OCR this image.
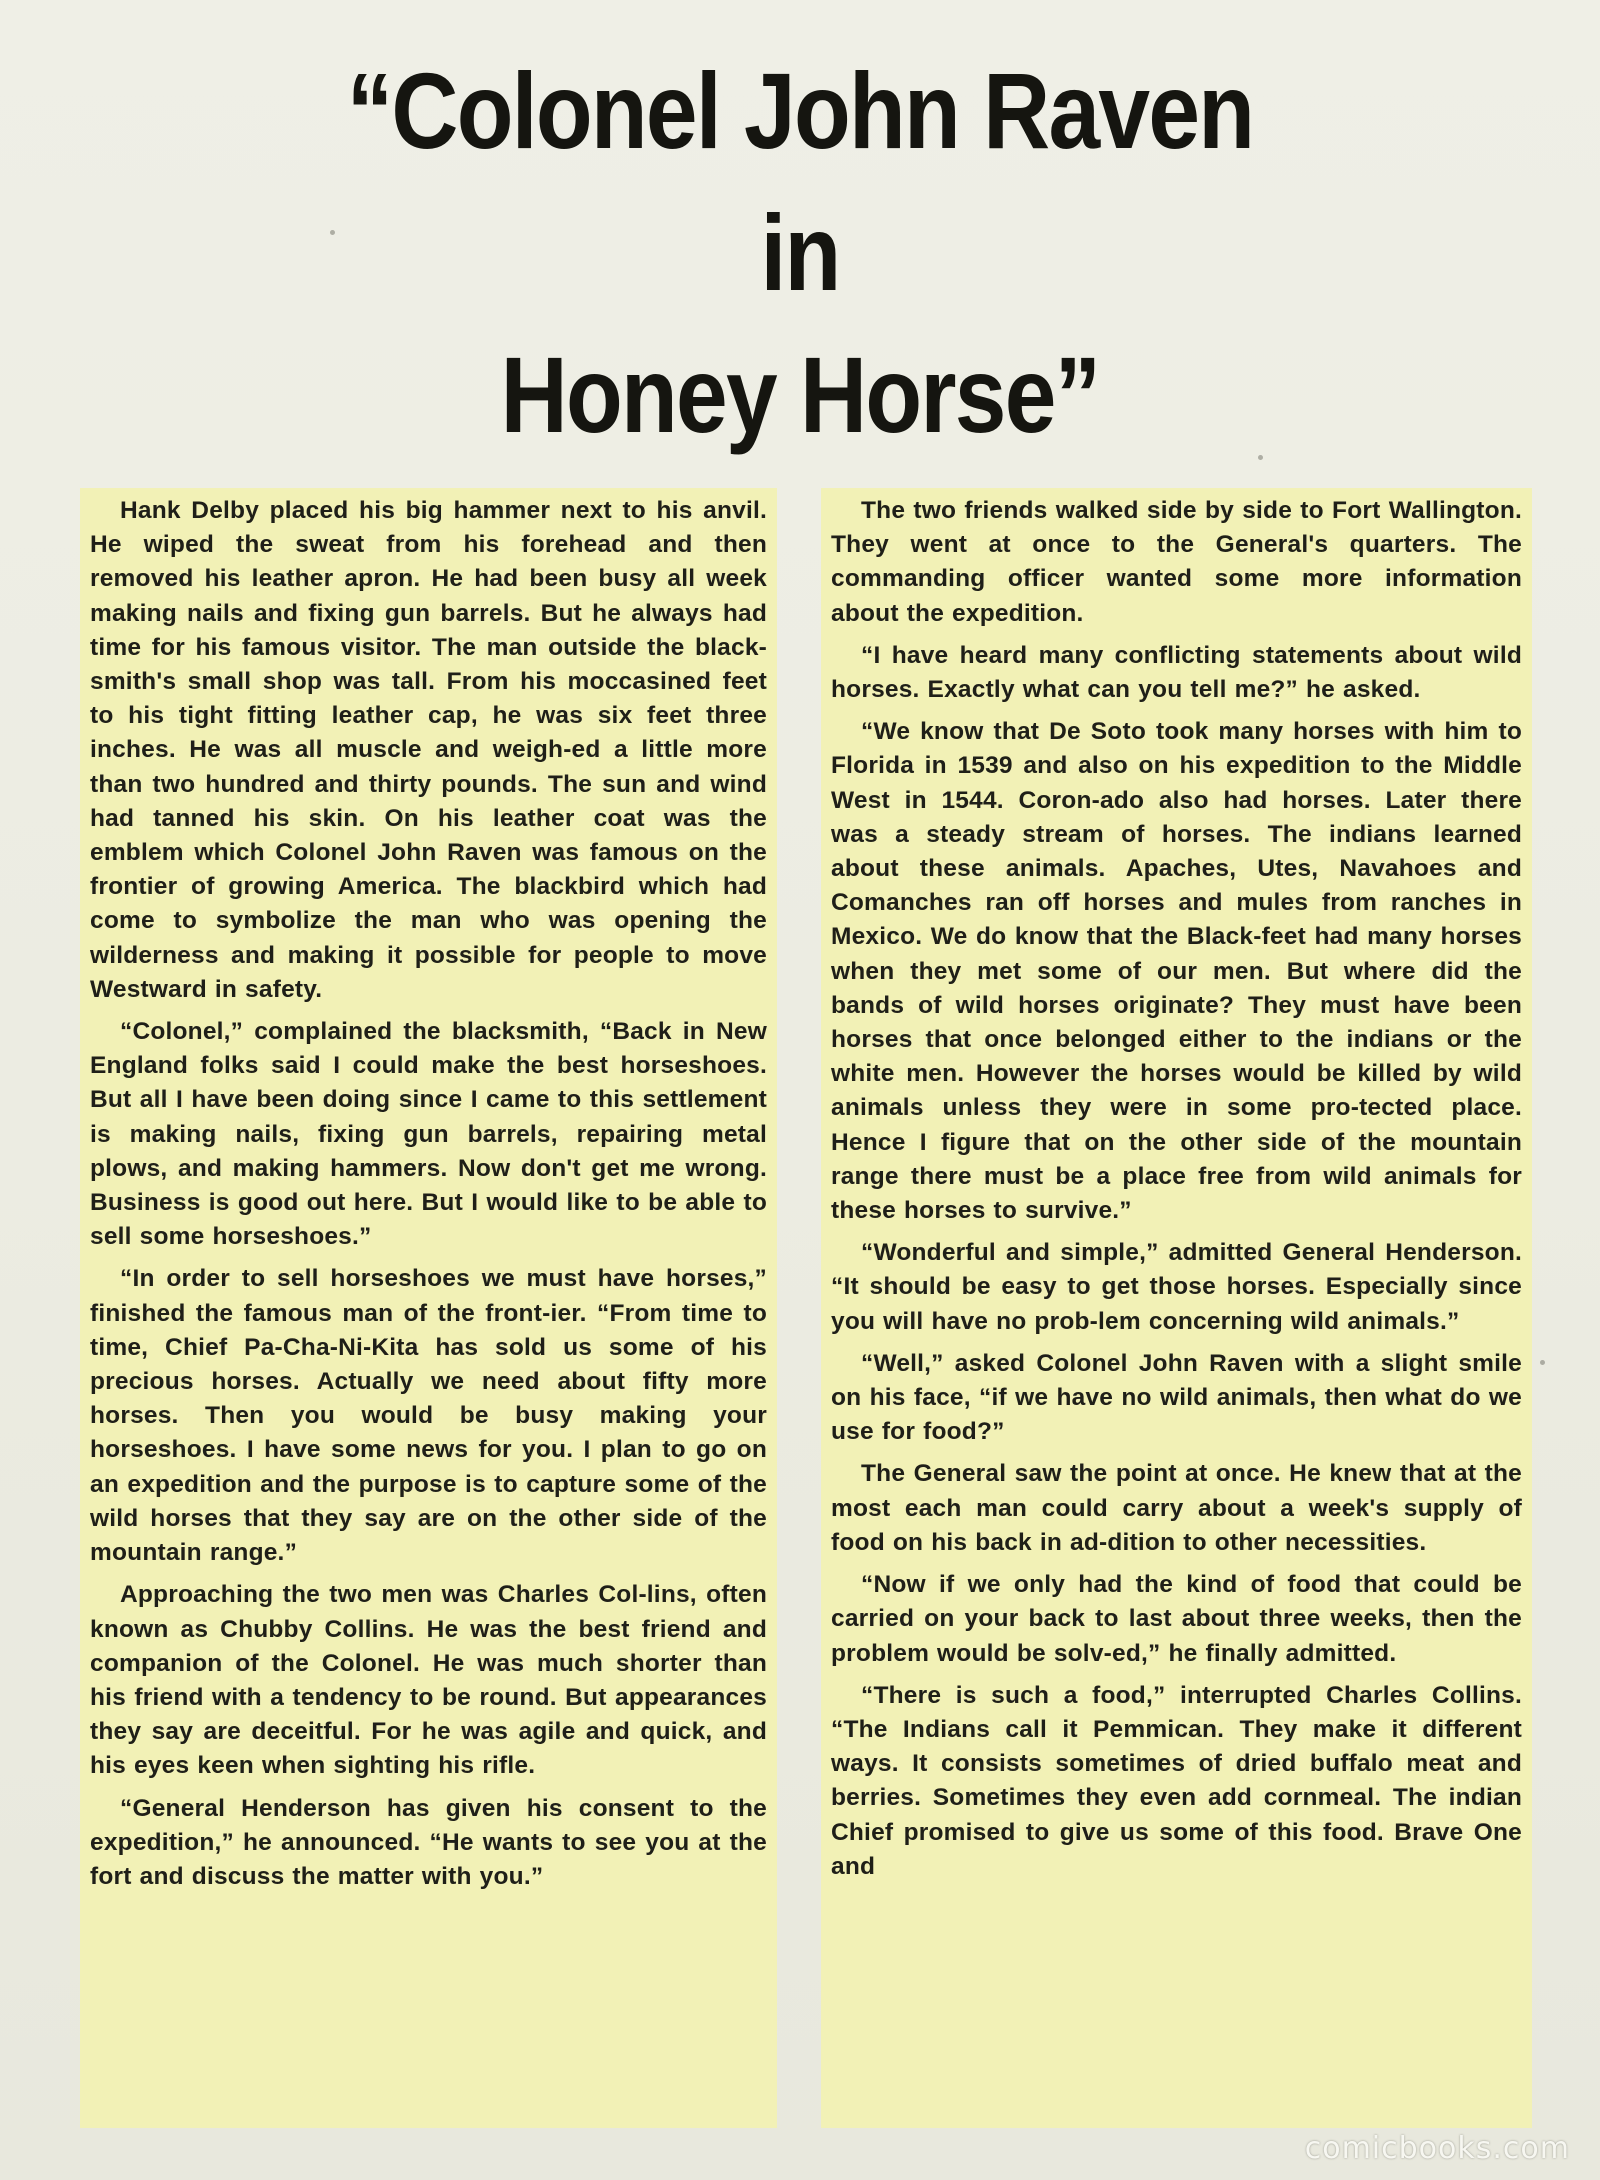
“Colonel John Raven
in
Honey Horse”

Hank Delby placed his big hammer next to his anvil. He wiped the sweat from his forehead and then removed his leather apron. He had been busy all week making nails and fixing gun barrels. But he always had time for his famous visitor. The man outside the black-smith's small shop was tall. From his moccasined feet to his tight fitting leather cap, he was six feet three inches. He was all muscle and weigh-ed a little more than two hundred and thirty pounds. The sun and wind had tanned his skin. On his leather coat was the emblem which Colonel John Raven was famous on the frontier of growing America. The blackbird which had come to symbolize the man who was opening the wilderness and making it possible for people to move Westward in safety.

“Colonel,” complained the blacksmith, “Back in New England folks said I could make the best horseshoes. But all I have been doing since I came to this settlement is making nails, fixing gun barrels, repairing metal plows, and making hammers. Now don't get me wrong. Business is good out here. But I would like to be able to sell some horseshoes.”

“In order to sell horseshoes we must have horses,” finished the famous man of the front-ier. “From time to time, Chief Pa-Cha-Ni-Kita has sold us some of his precious horses. Actually we need about fifty more horses. Then you would be busy making your horseshoes. I have some news for you. I plan to go on an expedition and the purpose is to capture some of the wild horses that they say are on the other side of the mountain range.”

Approaching the two men was Charles Col-lins, often known as Chubby Collins. He was the best friend and companion of the Colonel. He was much shorter than his friend with a tendency to be round. But appearances they say are deceitful. For he was agile and quick, and his eyes keen when sighting his rifle.

“General Henderson has given his consent to the expedition,” he announced. “He wants to see you at the fort and discuss the matter with you.”

The two friends walked side by side to Fort Wallington. They went at once to the General's quarters. The commanding officer wanted some more information about the expedition.

“I have heard many conflicting statements about wild horses. Exactly what can you tell me?” he asked.

“We know that De Soto took many horses with him to Florida in 1539 and also on his expedition to the Middle West in 1544. Coron-ado also had horses. Later there was a steady stream of horses. The indians learned about these animals. Apaches, Utes, Navahoes and Comanches ran off horses and mules from ranches in Mexico. We do know that the Black-feet had many horses when they met some of our men. But where did the bands of wild horses originate? They must have been horses that once belonged either to the indians or the white men. However the horses would be killed by wild animals unless they were in some pro-tected place. Hence I figure that on the other side of the mountain range there must be a place free from wild animals for these horses to survive.”

“Wonderful and simple,” admitted General Henderson. “It should be easy to get those horses. Especially since you will have no prob-lem concerning wild animals.”

“Well,” asked Colonel John Raven with a slight smile on his face, “if we have no wild animals, then what do we use for food?”

The General saw the point at once. He knew that at the most each man could carry about a week's supply of food on his back in ad-dition to other necessities.

“Now if we only had the kind of food that could be carried on your back to last about three weeks, then the problem would be solv-ed,” he finally admitted.

“There is such a food,” interrupted Charles Collins. “The Indians call it Pemmican. They make it different ways. It consists sometimes of dried buffalo meat and berries. Sometimes they even add cornmeal. The indian Chief promised to give us some of this food. Brave One and

comicbooks.com
